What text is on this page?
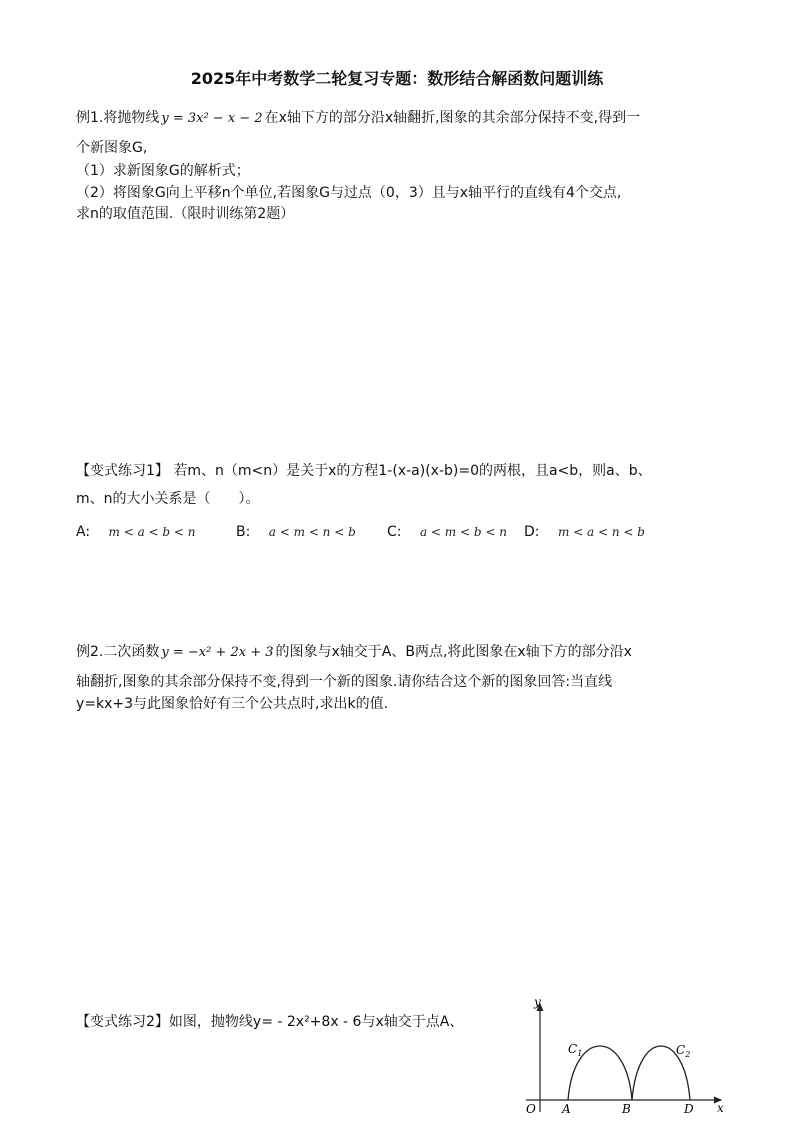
2025年中考数学二轮复习专题：数形结合解函数问题训练
例1.将抛物线 y = 3x² − x − 2 在x轴下方的部分沿x轴翻折,图象的其余部分保持不变,得到一
个新图象G,
（1）求新图象G的解析式；
（2）将图象G向上平移n个单位,若图象G与过点（0，3）且与x轴平行的直线有4个交点,
求n的取值范围.（限时训练第2题）
【变式练习1】 若m、n（m<n）是关于x的方程1-(x-a)(x-b)=0的两根，且a<b，则a、b、
m、n的大小关系是（　　）。
A: m < a < b < n	B: a < m < n < b C: a < m < b < n D: m < a < n < b
例2.二次函数 y = −x² + 2x + 3 的图象与x轴交于A、B两点,将此图象在x轴下方的部分沿x
轴翻折,图象的其余部分保持不变,得到一个新的图象.请你结合这个新的图象回答:当直线
y=kx+3与此图象恰好有三个公共点时,求出k的值.
【变式练习2】如图，抛物线y= - 2x²+8x - 6与x轴交于点A、
y
x
O A	B	D
$C_1$	$C_2$
